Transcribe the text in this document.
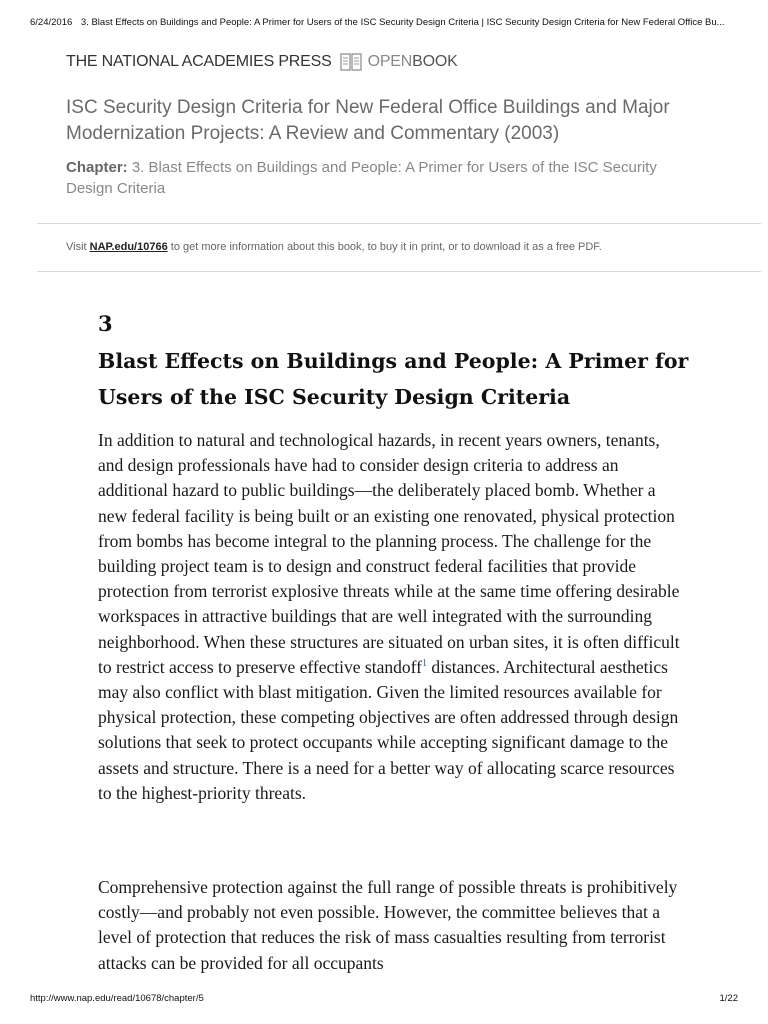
6/24/2016 3. Blast Effects on Buildings and People: A Primer for Users of the ISC Security Design Criteria | ISC Security Design Criteria for New Federal Office Bu...
THE NATIONAL ACADEMIES PRESS OPENBOOK
ISC Security Design Criteria for New Federal Office Buildings and Major Modernization Projects: A Review and Commentary (2003)
Chapter: 3. Blast Effects on Buildings and People: A Primer for Users of the ISC Security Design Criteria
Visit NAP.edu/10766 to get more information about this book, to buy it in print, or to download it as a free PDF.
3
Blast Effects on Buildings and People: A Primer for Users of the ISC Security Design Criteria

In addition to natural and technological hazards, in recent years owners, tenants, and design professionals have had to consider design criteria to address an additional hazard to public buildings—the deliberately placed bomb. Whether a new federal facility is being built or an existing one renovated, physical protection from bombs has become integral to the planning process. The challenge for the building project team is to design and construct federal facilities that provide protection from terrorist explosive threats while at the same time offering desirable workspaces in attractive buildings that are well integrated with the surrounding neighborhood. When these structures are situated on urban sites, it is often difficult to restrict access to preserve effective standoff$^1$ distances. Architectural aesthetics may also conflict with blast mitigation. Given the limited resources available for physical protection, these competing objectives are often addressed through design solutions that seek to protect occupants while accepting significant damage to the assets and structure. There is a need for a better way of allocating scarce resources to the highest-priority threats.

Comprehensive protection against the full range of possible threats is prohibitively costly—and probably not even possible. However, the committee believes that a level of protection that reduces the risk of mass casualties resulting from terrorist attacks can be provided for all occupants

http://www.nap.edu/read/10678/chapter/5	1/22
